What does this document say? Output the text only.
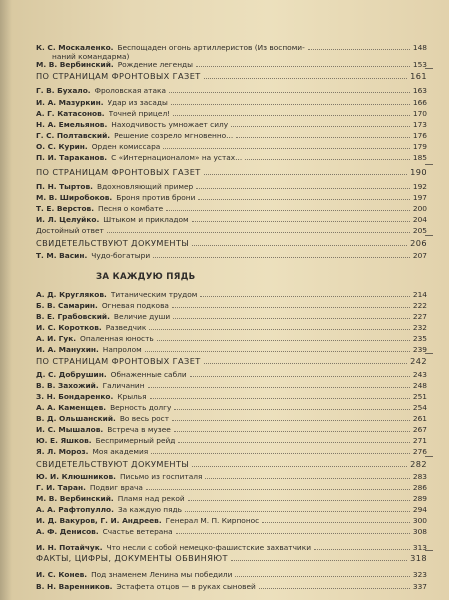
К. С. Москаленко. Беспощаден огонь артиллеристов (Из воспоми-	148
наний командарма)
М. В. Вербинский. Рождение легенды	153
ПО СТРАНИЦАМ ФРОНТОВЫХ ГАЗЕТ	161
Г. В. Бухало. Фроловская атака	163
И. А. Мазуркин. Удар из засады	166
А. Г. Катасонов. Точней прицел!	170
Н. А. Емельянов. Находчивость умножает силу	173
Г. С. Полтавский. Решение созрело мгновенно...	176
О. С. Курин. Орден комиссара	179
П. И. Тараканов. С «Интернационалом» на устах...	185
ПО СТРАНИЦАМ ФРОНТОВЫХ ГАЗЕТ	190
П. Н. Тыртов. Вдохновляющий пример	192
М. В. Широбоков. Броня против брони	197
Т. Е. Верстов. Песня о комбате	200
И. Л. Целуйко. Штыком и прикладом	204
Достойный ответ	205
СВИДЕТЕЛЬСТВУЮТ ДОКУМЕНТЫ	206
Т. М. Васин. Чудо-богатыри	207
ЗА КАЖДУЮ ПЯДЬ
А. Д. Кругляков. Титаническим трудом	214
Б. В. Самарин. Огневая подкова	222
В. Е. Грабовский. Величие души	227
И. С. Коротков. Разведчик	232
А. И. Гук. Опаленная юность	235
И. А. Манухин. Напролом	239
ПО СТРАНИЦАМ ФРОНТОВЫХ ГАЗЕТ	242
Д. С. Добрушин. Обнаженные сабли	243
В. В. Захожий. Галичанин	248
З. Н. Бондаренко. Крылья	251
А. А. Каменщев. Верность долгу	254
В. Д. Ольшанский. Во весь рост	261
И. С. Мышалов. Встреча в музее	267
Ю. Е. Яшков. Беспримерный рейд	271
Я. Л. Мороз. Моя академия	276
СВИДЕТЕЛЬСТВУЮТ ДОКУМЕНТЫ	282
Ю. И. Клюшников. Письмо из госпиталя	283
Г. И. Таран. Подвиг врача	286
М. В. Вербинский. Пламя над рекой	289
А. А. Рафтопулло. За каждую пядь	294
И. Д. Вакуров, Г. И. Андреев. Генерал М. П. Кирпонос	300
А. Ф. Денисов. Счастье ветерана	308
И. Н. Потайчук. Что несли с собой немецко-фашистские захватчики	313
ФАКТЫ, ЦИФРЫ, ДОКУМЕНТЫ ОБВИНЯЮТ	318
И. С. Конев. Под знаменем Ленина мы победили	323
В. Н. Варенников. Эстафета отцов — в руках сыновей	337
